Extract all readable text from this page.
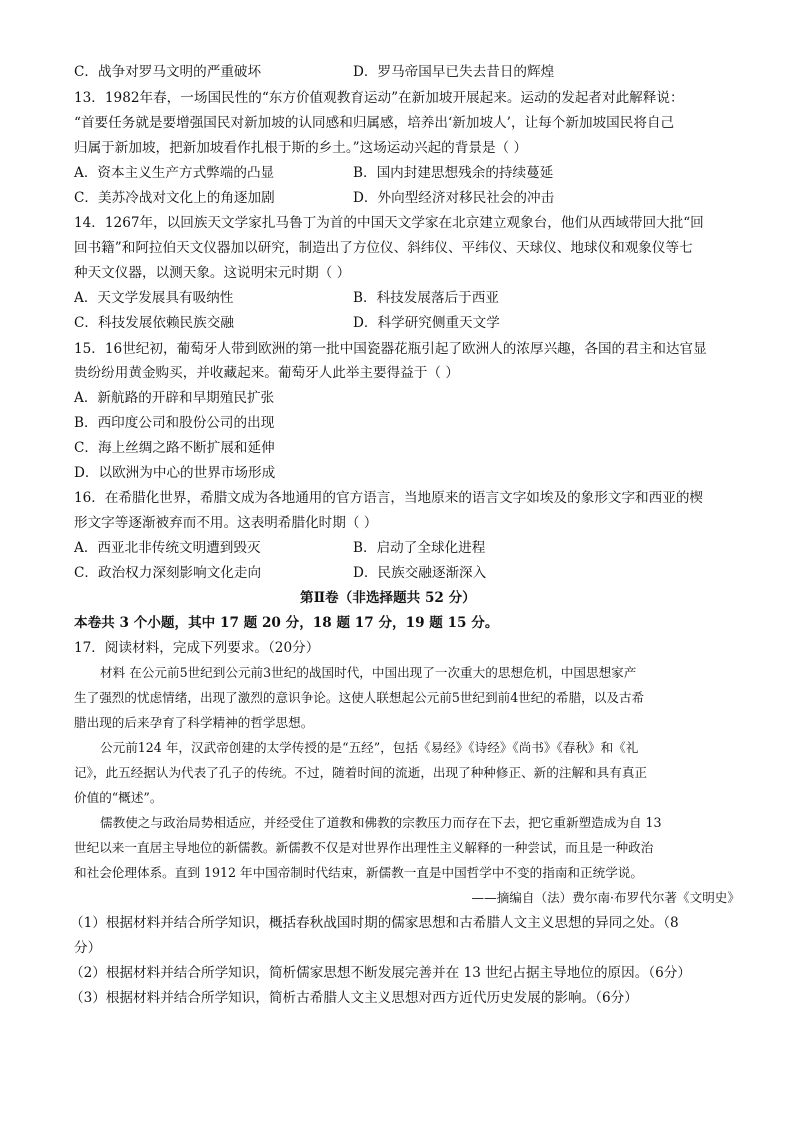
C．战争对罗马文明的严重破坏	D．罗马帝国早已失去昔日的辉煌
13．1982年春，一场国民性的“东方价值观教育运动”在新加坡开展起来。运动的发起者对此解释说：
“首要任务就是要增强国民对新加坡的认同感和归属感，培养出‘新加坡人’，让每个新加坡国民将自己
归属于新加坡，把新加坡看作扎根于斯的乡土。”这场运动兴起的背景是（ ）
A．资本主义生产方式弊端的凸显	B．国内封建思想残余的持续蔓延
C．美苏冷战对文化上的角逐加剧	D．外向型经济对移民社会的冲击
14．1267年，以回族天文学家扎马鲁丁为首的中国天文学家在北京建立观象台，他们从西域带回大批“回
回书籍”和阿拉伯天文仪器加以研究，制造出了方位仪、斜纬仪、平纬仪、天球仪、地球仪和观象仪等七
种天文仪器，以测天象。这说明宋元时期（ ）
A．天文学发展具有吸纳性	B．科技发展落后于西亚
C．科技发展依赖民族交融	D．科学研究侧重天文学
15．16世纪初，葡萄牙人带到欧洲的第一批中国瓷器花瓶引起了欧洲人的浓厚兴趣，各国的君主和达官显
贵纷纷用黄金购买，并收藏起来。葡萄牙人此举主要得益于（ ）
A．新航路的开辟和早期殖民扩张
B．西印度公司和股份公司的出现
C．海上丝绸之路不断扩展和延伸
D．以欧洲为中心的世界市场形成
16．在希腊化世界，希腊文成为各地通用的官方语言，当地原来的语言文字如埃及的象形文字和西亚的楔
形文字等逐渐被弃而不用。这表明希腊化时期（ ）
A．西亚北非传统文明遭到毁灭	B．启动了全球化进程
C．政治权力深刻影响文化走向	D．民族交融逐渐深入
第Ⅱ卷（非选择题共 52 分）
本卷共 3 个小题，其中 17 题 20 分，18 题 17 分，19 题 15 分。
17．阅读材料，完成下列要求。（20分）
材料 在公元前5世纪到公元前3世纪的战国时代，中国出现了一次重大的思想危机，中国思想家产
生了强烈的忧虑情绪，出现了激烈的意识争论。这使人联想起公元前5世纪到前4世纪的希腊，以及古希
腊出现的后来孕育了科学精神的哲学思想。
公元前124 年，汉武帝创建的太学传授的是“五经”，包括《易经》《诗经》《尚书》《春秋》和《礼
记》，此五经据认为代表了孔子的传统。不过，随着时间的流逝，出现了种种修正、新的注解和具有真正
价值的“概述”。
儒教使之与政治局势相适应，并经受住了道教和佛教的宗教压力而存在下去，把它重新塑造成为自 13
世纪以来一直居主导地位的新儒教。新儒教不仅是对世界作出理性主义解释的一种尝试，而且是一种政治
和社会伦理体系。直到 1912 年中国帝制时代结束，新儒教一直是中国哲学中不变的指南和正统学说。
——摘编自（法）费尔南·布罗代尔著《文明史》
（1）根据材料并结合所学知识，概括春秋战国时期的儒家思想和古希腊人文主义思想的异同之处。（8
分）
（2）根据材料并结合所学知识，简析儒家思想不断发展完善并在 13 世纪占据主导地位的原因。（6分）
（3）根据材料并结合所学知识，简析古希腊人文主义思想对西方近代历史发展的影响。（6分）
